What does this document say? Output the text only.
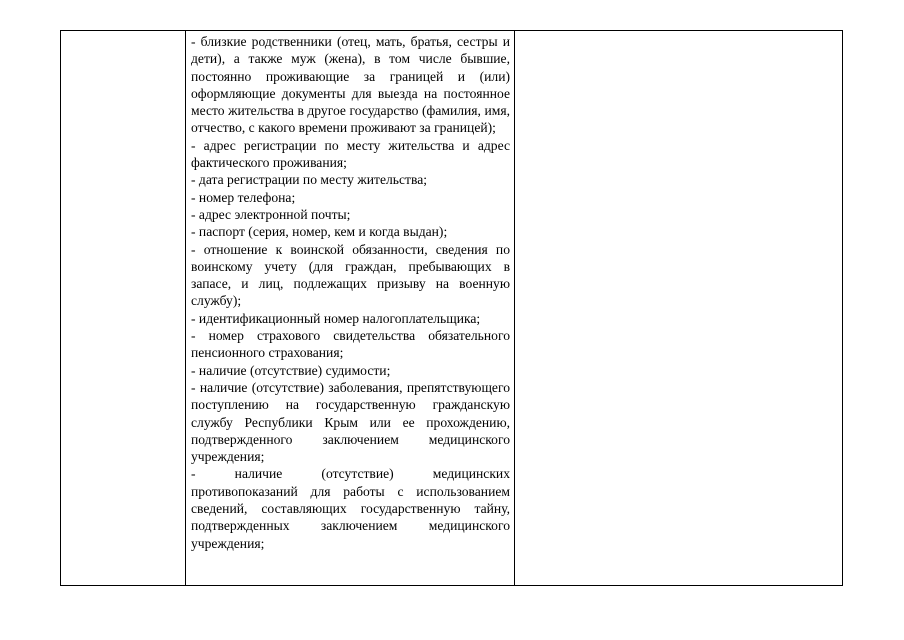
- близкие родственники (отец, мать, братья, сестры и дети), а также муж (жена), в том числе бывшие, постоянно проживающие за границей и (или) оформляющие документы для выезда на постоянное место жительства в другое государство (фамилия, имя, отчество, с какого времени проживают за границей);

- адрес регистрации по месту жительства и адрес фактического проживания;

- дата регистрации по месту жительства;

- номер телефона;

- адрес электронной почты;

- паспорт (серия, номер, кем и когда выдан);

- отношение к воинской обязанности, сведения по воинскому учету (для граждан, пребывающих в запасе, и лиц, подлежащих призыву на военную службу);

- идентификационный номер налогоплательщика;

- номер страхового свидетельства обязательного пенсионного страхования;

- наличие (отсутствие) судимости;

- наличие (отсутствие) заболевания, препятствующего поступлению на государственную гражданскую службу Республики Крым или ее прохождению, подтвержденного заключением медицинского учреждения;

- наличие (отсутствие) медицинских противопоказаний для работы с использованием сведений, составляющих государственную тайну, подтвержденных заключением медицинского учреждения;
